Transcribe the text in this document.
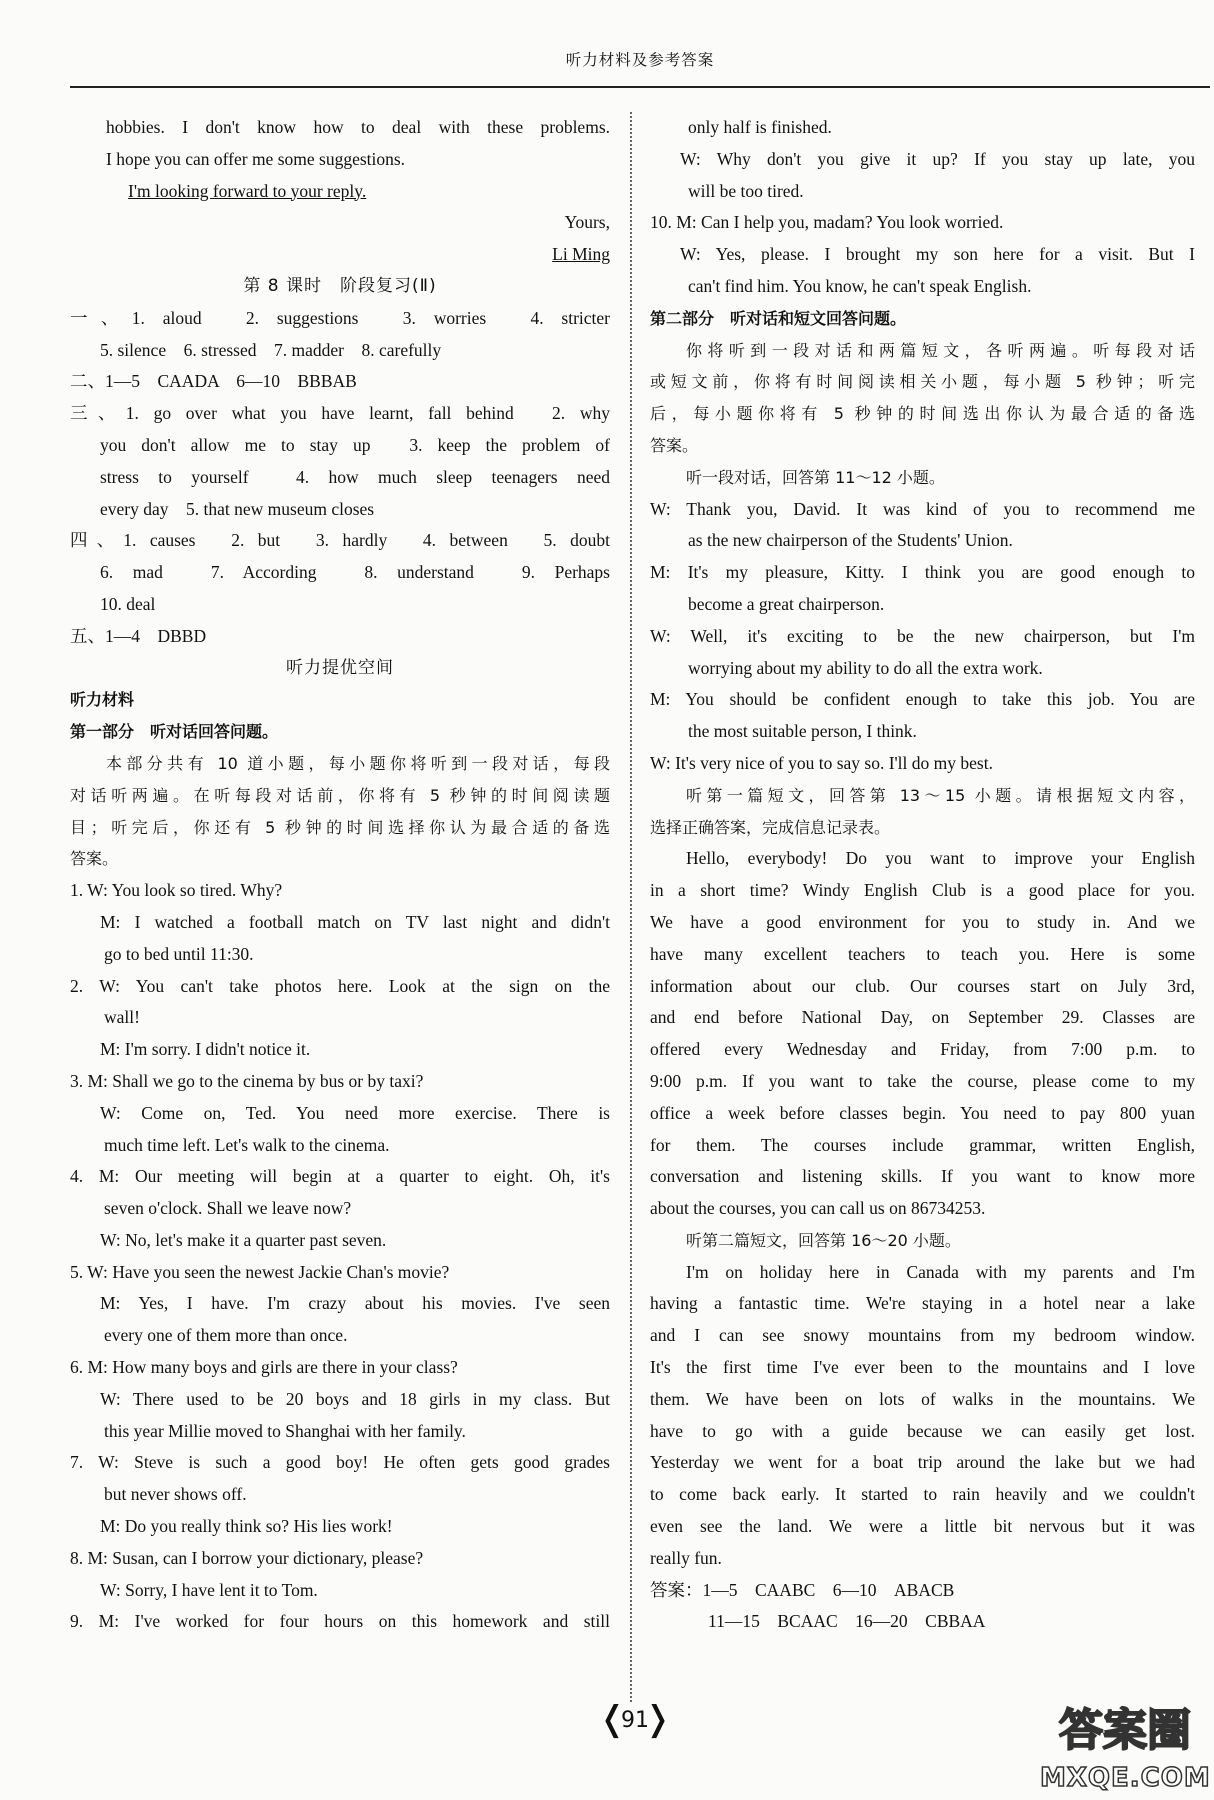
听力材料及参考答案
hobbies. I don't know how to deal with these problems.
I hope you can offer me some suggestions.
I'm looking forward to your reply.
Yours,
Li Ming
第 8 课时　阶段复习(Ⅱ)
一、1. aloud　2. suggestions　3. worries　4. stricter
5. silence　6. stressed　7. madder　8. carefully
二、1—5　CAADA　6—10　BBBAB
三、1. go over what you have learnt, fall behind　2. why
you don't allow me to stay up　3. keep the problem of
stress to yourself　4. how much sleep teenagers need
every day　5. that new museum closes
四、1. causes　2. but　3. hardly　4. between　5. doubt
6. mad　7. According　8. understand　9. Perhaps
10. deal
五、1—4　DBBD
听力提优空间
听力材料
第一部分　听对话回答问题。
本部分共有 10 道小题，每小题你将听到一段对话，每段
对话听两遍。在听每段对话前，你将有 5 秒钟的时间阅读题
目；听完后，你还有 5 秒钟的时间选择你认为最合适的备选
答案。
1. W: You look so tired. Why?
M: I watched a football match on TV last night and didn't
go to bed until 11:30.
2. W: You can't take photos here. Look at the sign on the
wall!
M: I'm sorry. I didn't notice it.
3. M: Shall we go to the cinema by bus or by taxi?
W: Come on, Ted. You need more exercise. There is
much time left. Let's walk to the cinema.
4. M: Our meeting will begin at a quarter to eight. Oh, it's
seven o'clock. Shall we leave now?
W: No, let's make it a quarter past seven.
5. W: Have you seen the newest Jackie Chan's movie?
M: Yes, I have. I'm crazy about his movies. I've seen
every one of them more than once.
6. M: How many boys and girls are there in your class?
W: There used to be 20 boys and 18 girls in my class. But
this year Millie moved to Shanghai with her family.
7. W: Steve is such a good boy! He often gets good grades
but never shows off.
M: Do you really think so? His lies work!
8. M: Susan, can I borrow your dictionary, please?
W: Sorry, I have lent it to Tom.
9. M: I've worked for four hours on this homework and still
only half is finished.
W: Why don't you give it up? If you stay up late, you
will be too tired.
10. M: Can I help you, madam? You look worried.
W: Yes, please. I brought my son here for a visit. But I
can't find him. You know, he can't speak English.
第二部分　听对话和短文回答问题。
你将听到一段对话和两篇短文，各听两遍。听每段对话
或短文前，你将有时间阅读相关小题，每小题 5 秒钟；听完
后，每小题你将有 5 秒钟的时间选出你认为最合适的备选
答案。
听一段对话，回答第 11～12 小题。
W: Thank you, David. It was kind of you to recommend me
as the new chairperson of the Students' Union.
M: It's my pleasure, Kitty. I think you are good enough to
become a great chairperson.
W: Well, it's exciting to be the new chairperson, but I'm
worrying about my ability to do all the extra work.
M: You should be confident enough to take this job. You are
the most suitable person, I think.
W: It's very nice of you to say so. I'll do my best.
听第一篇短文，回答第 13～15 小题。请根据短文内容，
选择正确答案，完成信息记录表。
Hello, everybody! Do you want to improve your English
in a short time? Windy English Club is a good place for you.
We have a good environment for you to study in. And we
have many excellent teachers to teach you. Here is some
information about our club. Our courses start on July 3rd,
and end before National Day, on September 29. Classes are
offered every Wednesday and Friday, from 7:00 p.m. to
9:00 p.m. If you want to take the course, please come to my
office a week before classes begin. You need to pay 800 yuan
for them. The courses include grammar, written English,
conversation and listening skills. If you want to know more
about the courses, you can call us on 86734253.
听第二篇短文，回答第 16～20 小题。
I'm on holiday here in Canada with my parents and I'm
having a fantastic time. We're staying in a hotel near a lake
and I can see snowy mountains from my bedroom window.
It's the first time I've ever been to the mountains and I love
them. We have been on lots of walks in the mountains. We
have to go with a guide because we can easily get lost.
Yesterday we went for a boat trip around the lake but we had
to come back early. It started to rain heavily and we couldn't
even see the land. We were a little bit nervous but it was
really fun.
答案：1—5　CAABC　6—10　ABACB
11—15　BCAAC　16—20　CBBAA
❬ 91 ❭	答案圈
MXQE.COM
